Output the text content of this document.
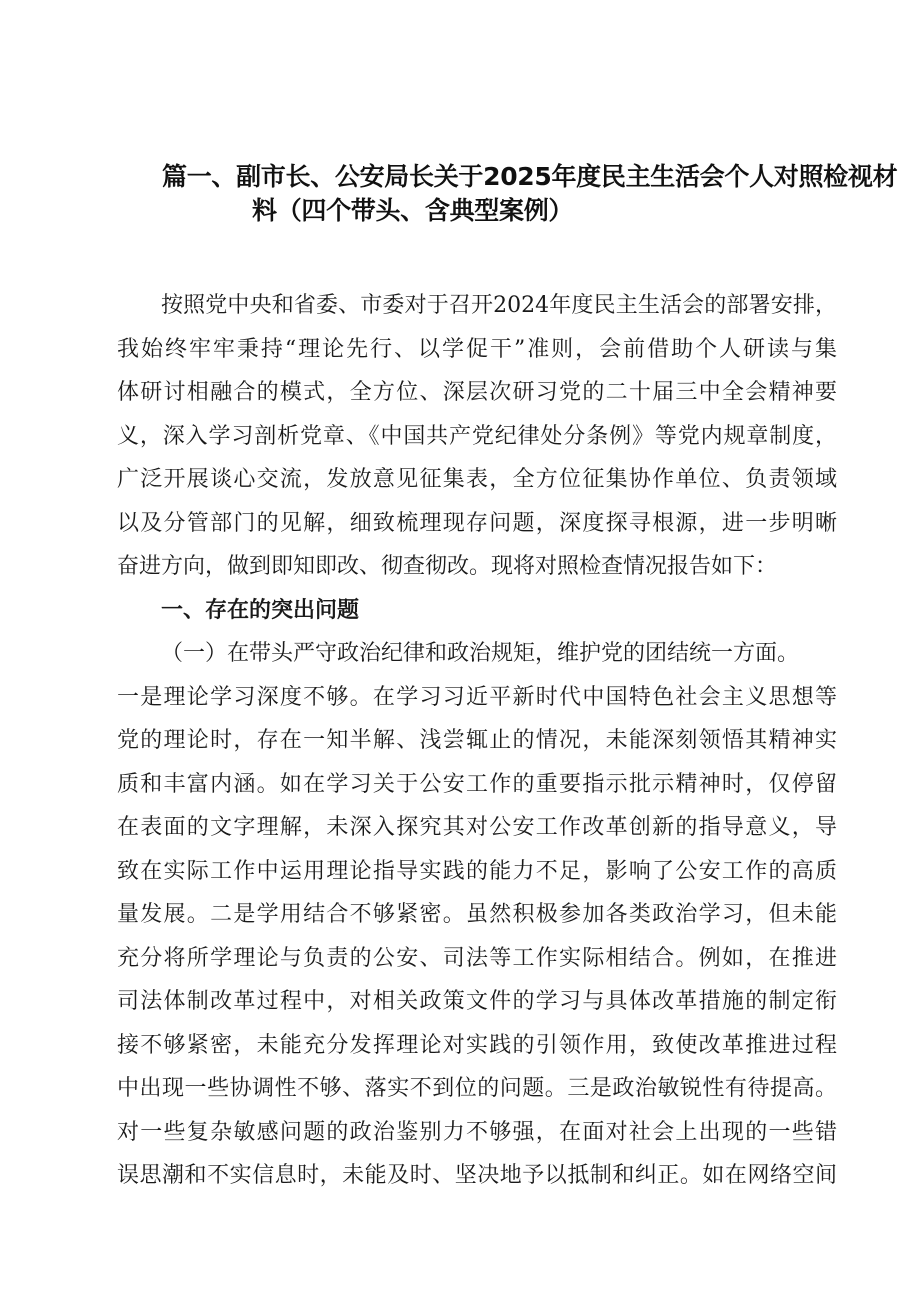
篇一、副市长、公安局长关于2025年度民主生活会个人对照检视材
料（四个带头、含典型案例）
按照党中央和省委、市委对于召开2024年度民主生活会的部署安排，
我始终牢牢秉持“理论先行、以学促干”准则，会前借助个人研读与集
体研讨相融合的模式，全方位、深层次研习党的二十届三中全会精神要
义，深入学习剖析党章、《中国共产党纪律处分条例》等党内规章制度，
广泛开展谈心交流，发放意见征集表，全方位征集协作单位、负责领域
以及分管部门的见解，细致梳理现存问题，深度探寻根源，进一步明晰
奋进方向，做到即知即改、彻查彻改。现将对照检查情况报告如下：
一、存在的突出问题
（一）在带头严守政治纪律和政治规矩，维护党的团结统一方面。
一是理论学习深度不够。在学习习近平新时代中国特色社会主义思想等
党的理论时，存在一知半解、浅尝辄止的情况，未能深刻领悟其精神实
质和丰富内涵。如在学习关于公安工作的重要指示批示精神时，仅停留
在表面的文字理解，未深入探究其对公安工作改革创新的指导意义，导
致在实际工作中运用理论指导实践的能力不足，影响了公安工作的高质
量发展。二是学用结合不够紧密。虽然积极参加各类政治学习，但未能
充分将所学理论与负责的公安、司法等工作实际相结合。例如，在推进
司法体制改革过程中，对相关政策文件的学习与具体改革措施的制定衔
接不够紧密，未能充分发挥理论对实践的引领作用，致使改革推进过程
中出现一些协调性不够、落实不到位的问题。三是政治敏锐性有待提高。
对一些复杂敏感问题的政治鉴别力不够强，在面对社会上出现的一些错
误思潮和不实信息时，未能及时、坚决地予以抵制和纠正。如在网络空间
